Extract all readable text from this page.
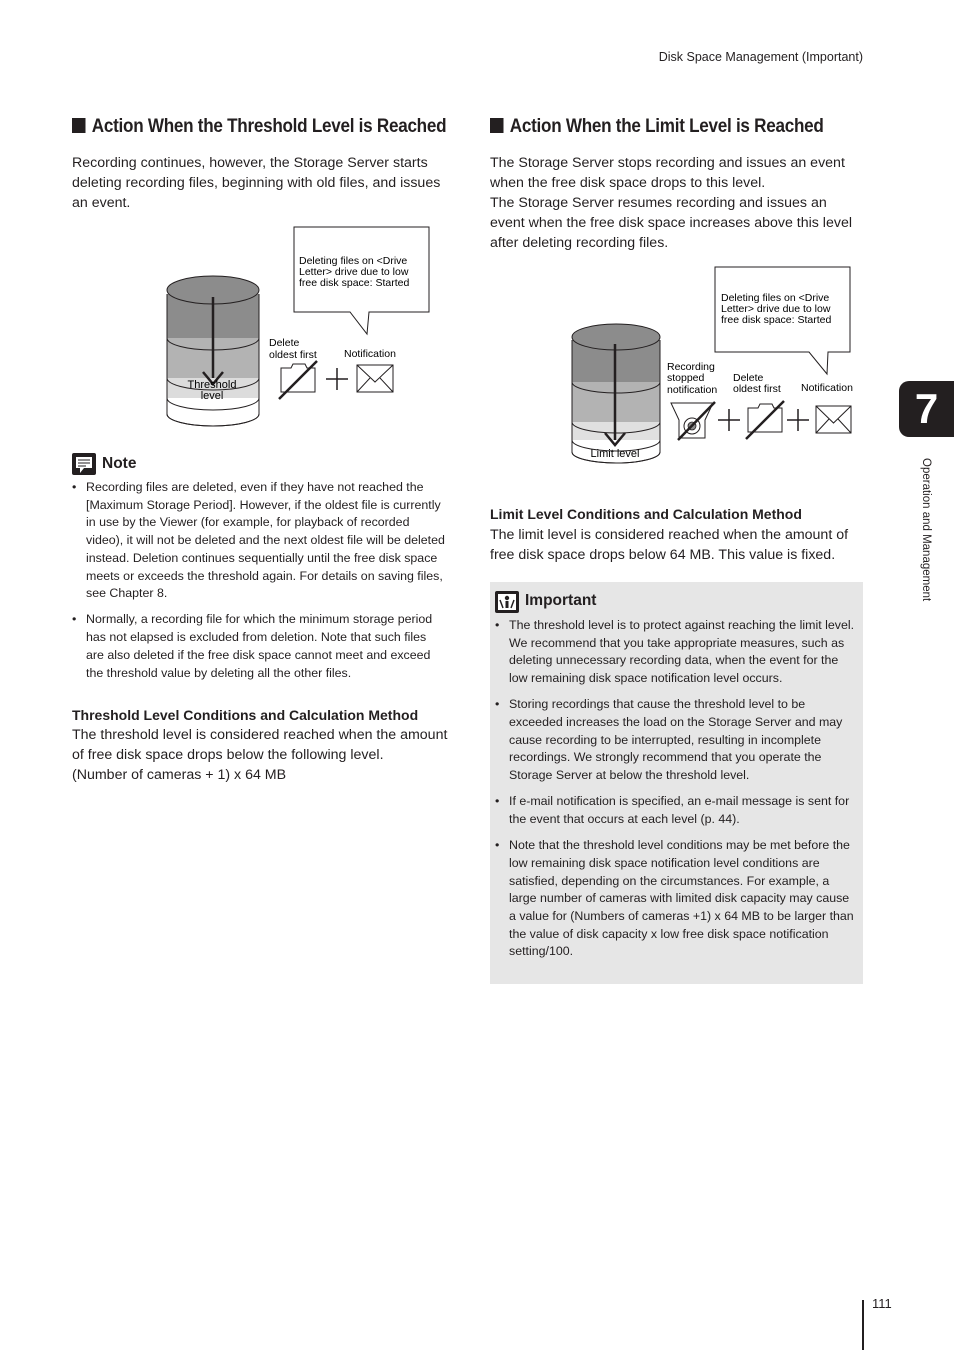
Disk Space Management (Important)
Action When the Threshold Level is Reached
Recording continues, however, the Storage Server starts deleting recording files, beginning with old files, and issues an event.
Threshold
level
Deleting files on <Drive
Letter> drive due to low
free disk space: Started
Delete
oldest first	Notification
Note
• Recording files are deleted, even if they have not reached the [Maximum Storage Period]. However, if the oldest file is currently in use by the Viewer (for example, for playback of recorded video), it will not be deleted and the next oldest file will be deleted instead. Deletion continues sequentially until the free disk space meets or exceeds the threshold again. For details on saving files, see Chapter 8.
• Normally, a recording file for which the minimum storage period has not elapsed is excluded from deletion. Note that such files are also deleted if the free disk space cannot meet and exceed the threshold value by deleting all the other files.
Threshold Level Conditions and Calculation Method

The threshold level is considered reached when the amount of free disk space drops below the following level.

(Number of cameras + 1) x 64 MB

Action When the Limit Level is Reached

The Storage Server stops recording and issues an event when the free disk space drops to this level.

The Storage Server resumes recording and issues an event when the free disk space increases above this level after deleting recording files.

Limit level
Deleting files on <Drive
Letter> drive due to low
free disk space: Started
Recording
stopped
notification
Delete
oldest first Notification
Limit Level Conditions and Calculation Method
The limit level is considered reached when the amount of free disk space drops below 64 MB. This value is fixed.
Important
• The threshold level is to protect against reaching the limit level. We recommend that you take appropriate measures, such as deleting unnecessary recording data, when the event for the low remaining disk space notification level occurs.
• Storing recordings that cause the threshold level to be exceeded increases the load on the Storage Server and may cause recording to be interrupted, resulting in incomplete recordings. We strongly recommend that you operate the Storage Server at below the threshold level.
• If e-mail notification is specified, an e-mail message is sent for the event that occurs at each level (p. 44).
• Note that the threshold level conditions may be met before the low remaining disk space notification level conditions are satisfied, depending on the circumstances. For example, a large number of cameras with limited disk capacity may cause a value for (Numbers of cameras +1) x 64 MB to be larger than the value of disk capacity x low free disk space notification setting/100.
7
Operation and Management
111
